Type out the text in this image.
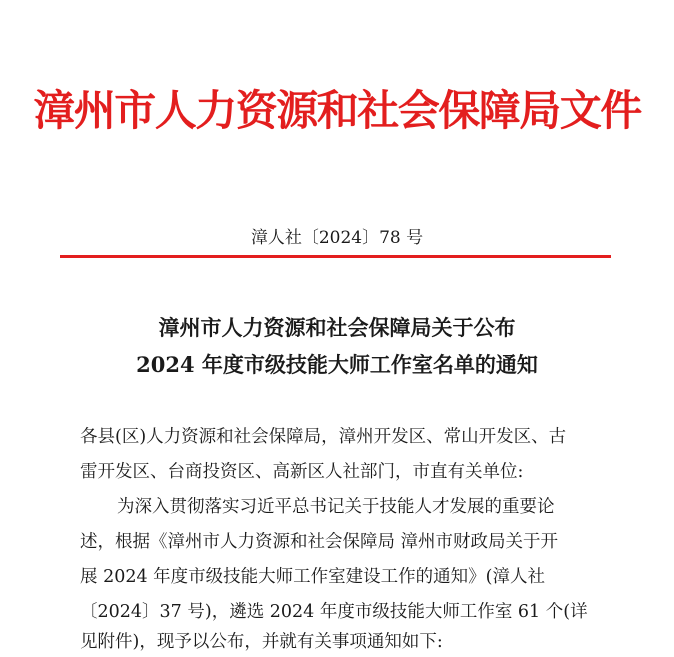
漳州市人力资源和社会保障局文件
漳人社〔2024〕78 号
漳州市人力资源和社会保障局关于公布
2024 年度市级技能大师工作室名单的通知
各县(区)人力资源和社会保障局，漳州开发区、常山开发区、古
雷开发区、台商投资区、高新区人社部门，市直有关单位:
为深入贯彻落实习近平总书记关于技能人才发展的重要论
述，根据《漳州市人力资源和社会保障局 漳州市财政局关于开
展 2024 年度市级技能大师工作室建设工作的通知》(漳人社
〔2024〕37 号)，遴选 2024 年度市级技能大师工作室 61 个(详
见附件)，现予以公布，并就有关事项通知如下:
